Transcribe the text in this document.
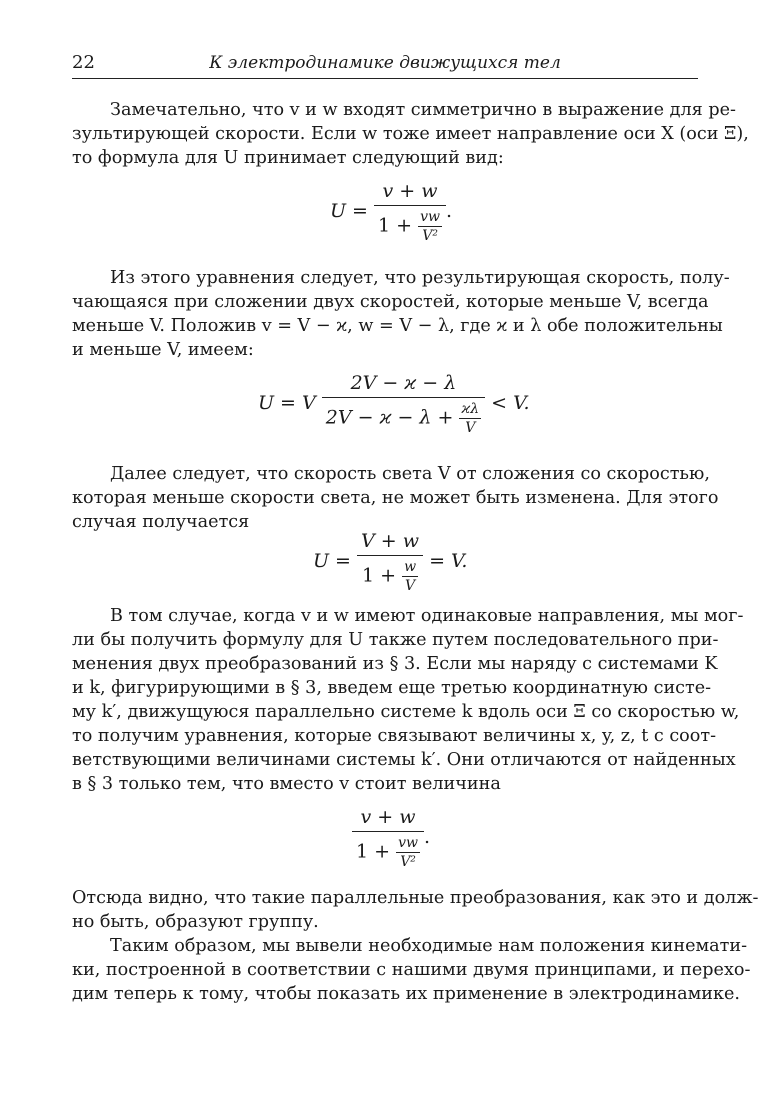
22	К электродинамике движущихся тел
Замечательно, что v и w входят симметрично в выражение для ре-
зультирующей скорости. Если w тоже имеет направление оси X (оси Ξ),
то формула для U принимает следующий вид:
$U = \frac{v + w}{1 + \frac{vw}{\text{V²}}}$ .
Из этого уравнения следует, что результирующая скорость, полу-
чающаяся при сложении двух скоростей, которые меньше V, всегда
меньше V. Положив v = V − ϰ, w = V − λ, где ϰ и λ обе положительны
и меньше V, имеем:
U = V $\frac{2V - ϰ - \lambda}{2V - ϰ - \lambda + \frac{ϰ\lambda}{V}} < V$.
Далее следует, что скорость света V от сложения со скоростью,
которая меньше скорости света, не может быть изменена. Для этого
случая получается
$U = \frac{V + w}{1 + \frac{w}{V}} = V$.
В том случае, когда v и w имеют одинаковые направления, мы мог-
ли бы получить формулу для U также путем последовательного при-
менения двух преобразований из § 3. Если мы наряду с системами K
и k, фигурирующими в § 3, введем еще третью координатную систе-
му k′, движущуюся параллельно системе k вдоль оси Ξ со скоростью w,
то получим уравнения, которые связывают величины x, y, z, t с соот-
ветствующими величинами системы k′. Они отличаются от найденных
в § 3 только тем, что вместо v стоит величина
$\frac{v + w}{1 + \frac{vw}{\text{V²}}}$ .
Отсюда видно, что такие параллельные преобразования, как это и долж-
но быть, образуют группу.
Таким образом, мы вывели необходимые нам положения кинемати-
ки, построенной в соответствии с нашими двумя принципами, и перехо-
дим теперь к тому, чтобы показать их применение в электродинамике.
